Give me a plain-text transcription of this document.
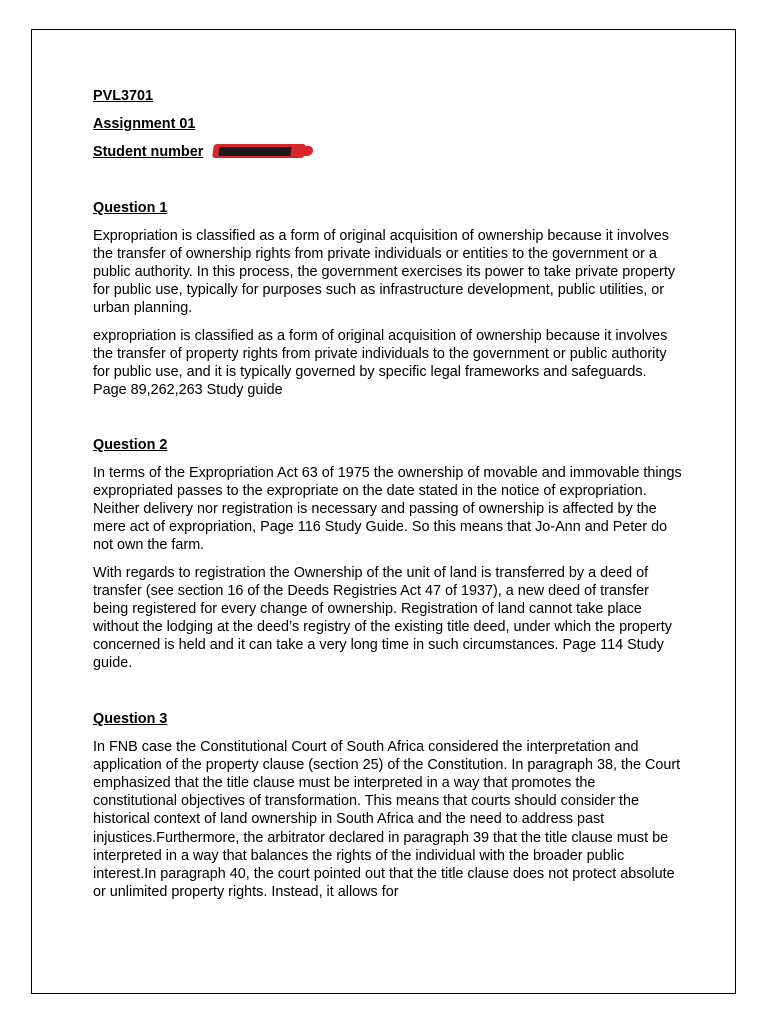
PVL3701
Assignment 01
Student number
Question 1

Expropriation is classified as a form of original acquisition of ownership because it involves the transfer of ownership rights from private individuals or entities to the government or a public authority. In this process, the government exercises its power to take private property for public use, typically for purposes such as infrastructure development, public utilities, or urban planning.

expropriation is classified as a form of original acquisition of ownership because it involves the transfer of property rights from private individuals to the government or public authority for public use, and it is typically governed by specific legal frameworks and safeguards. Page 89,262,263 Study guide

Question 2

In terms of the Expropriation Act 63 of 1975 the ownership of movable and immovable things expropriated passes to the expropriate on the date stated in the notice of expropriation. Neither delivery nor registration is necessary and passing of ownership is affected by the mere act of expropriation, Page 116 Study Guide. So this means that Jo-Ann and Peter do not own the farm.

With regards to registration the Ownership of the unit of land is transferred by a deed of transfer (see section 16 of the Deeds Registries Act 47 of 1937), a new deed of transfer being registered for every change of ownership. Registration of land cannot take place without the lodging at the deed’s registry of the existing title deed, under which the property concerned is held and it can take a very long time in such circumstances. Page 114 Study guide.

Question 3

In FNB case the Constitutional Court of South Africa considered the interpretation and application of the property clause (section 25) of the Constitution. In paragraph 38, the Court emphasized that the title clause must be interpreted in a way that promotes the constitutional objectives of transformation. This means that courts should consider the historical context of land ownership in South Africa and the need to address past injustices.Furthermore, the arbitrator declared in paragraph 39 that the title clause must be interpreted in a way that balances the rights of the individual with the broader public interest.In paragraph 40, the court pointed out that the title clause does not protect absolute or unlimited property rights. Instead, it allows for
